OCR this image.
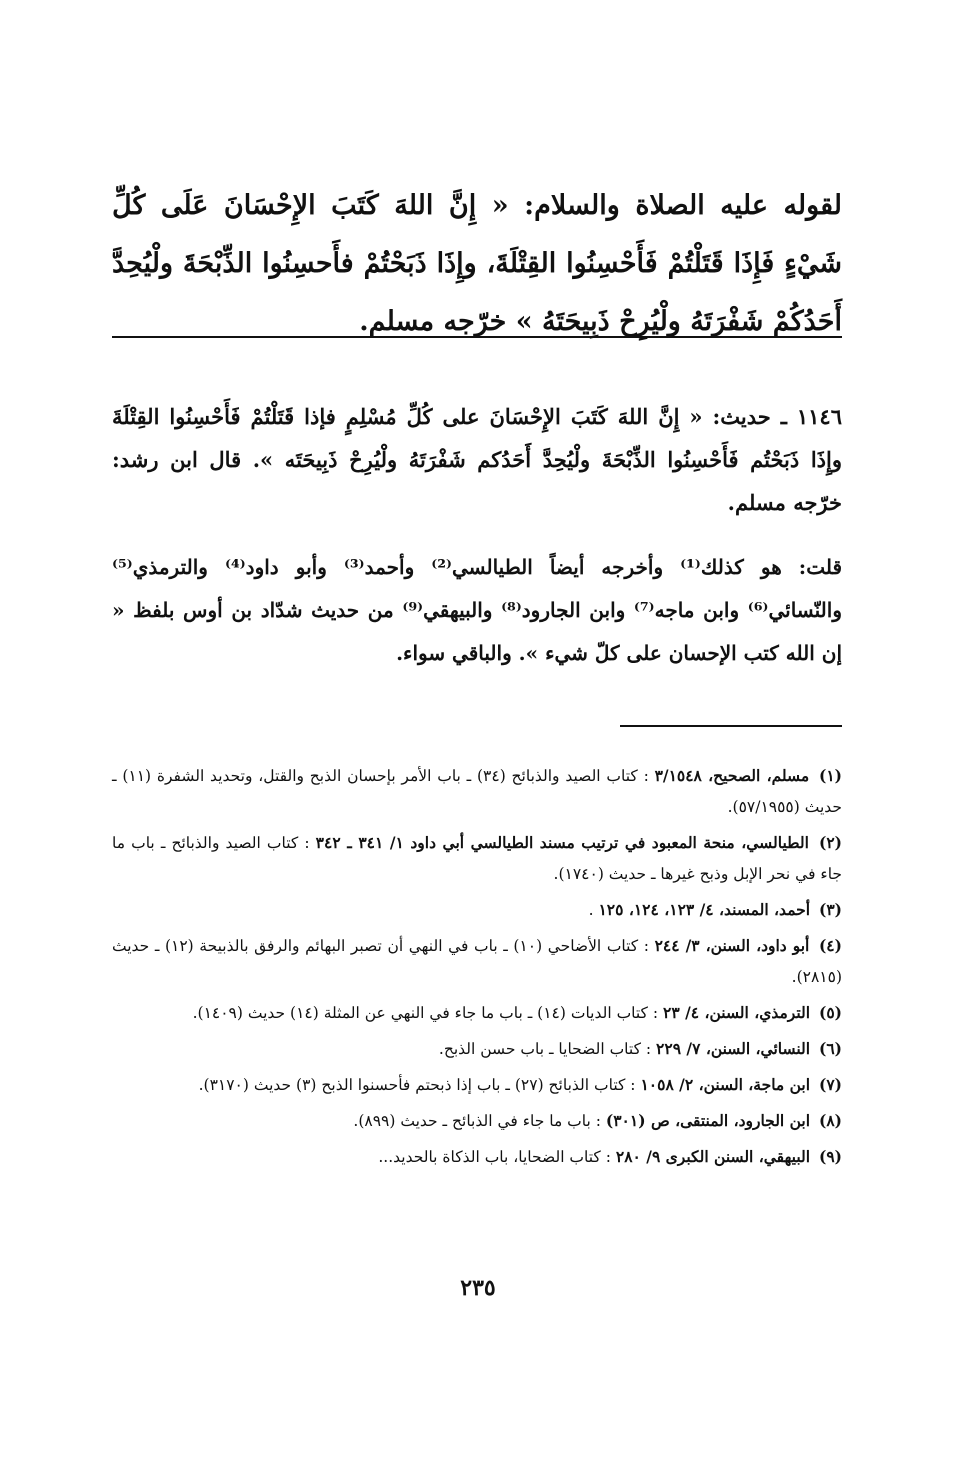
لقوله عليه الصلاة والسلام: « إِنَّ اللهَ كَتَبَ الإِحْسَانَ عَلَى كُلِّ شَيْءٍ فَإِذَا قَتَلْتُمْ فَأَحْسِنُوا القِتْلَةَ، وإِذَا ذَبَحْتُمْ فأَحسِنُوا الذِّبْحَةَ ولْيُحِدَّ أَحَدُكُمْ شَفْرَتَهُ ولْيُرِحْ ذَبِيحَتَهُ » خرّجه مسلم.

١١٤٦ ـ حديث: « إِنَّ اللهَ كَتَبَ الإِحْسَانَ على كُلِّ مُسْلِمٍ فإذا قَتَلْتُمْ فَأَحْسِنُوا القِتْلَةَ وإِذَا ذَبَحْتُم فَأَحْسِنُوا الذِّبْحَةَ ولْيُحِدَّ أَحَدُكم شَفْرَتَهُ ولْيُرِحْ ذَبِيحَتَه ». قال ابن رشد: خرّجه مسلم.

قلت: هو كذلك⁽¹⁾ وأخرجه أيضاً الطيالسي⁽²⁾ وأحمد⁽³⁾ وأبو داود⁽⁴⁾ والترمذي⁽⁵⁾ والنّسائي⁽⁶⁾ وابن ماجه⁽⁷⁾ وابن الجارود⁽⁸⁾ والبيهقي⁽⁹⁾ من حديث شدّاد بن أوس بلفظ « إن الله كتب الإحسان على كلّ شيء ». والباقي سواء.

(١) مسلم، الصحيح، ٣/١٥٤٨ : كتاب الصيد والذبائح (٣٤) ـ باب الأمر بإحسان الذبح والقتل، وتحديد الشفرة (١١) ـ حديث (٥٧/١٩٥٥).
(٢) الطيالسي، منحة المعبود في ترتيب مسند الطيالسي أبي داود ١/ ٣٤١ ـ ٣٤٢ : كتاب الصيد والذبائح ـ باب ما جاء في نحر الإبل وذبح غيرها ـ حديث (١٧٤٠).
(٣) أحمد، المسند، ٤/ ١٢٣، ١٢٤، ١٢٥ .
(٤) أبو داود، السنن، ٣/ ٢٤٤ : كتاب الأضاحي (١٠) ـ باب في النهي أن تصبر البهائم والرفق بالذبيحة (١٢) ـ حديث (٢٨١٥).
(٥) الترمذي، السنن، ٤/ ٢٣ : كتاب الديات (١٤) ـ باب ما جاء في النهي عن المثلة (١٤) حديث (١٤٠٩).
(٦) النسائي، السنن، ٧/ ٢٢٩ : كتاب الضحايا ـ باب حسن الذبح.
(٧) ابن ماجة، السنن، ٢/ ١٠٥٨ : كتاب الذبائح (٢٧) ـ باب إذا ذبحتم فأحسنوا الذبح (٣) حديث (٣١٧٠).
(٨) ابن الجارود، المنتقى، ص (٣٠١) : باب ما جاء في الذبائح ـ حديث (٨٩٩).
(٩) البيهقي، السنن الكبرى ٩/ ٢٨٠ : كتاب الضحايا، باب الذكاة بالحديد...
٢٣٥
